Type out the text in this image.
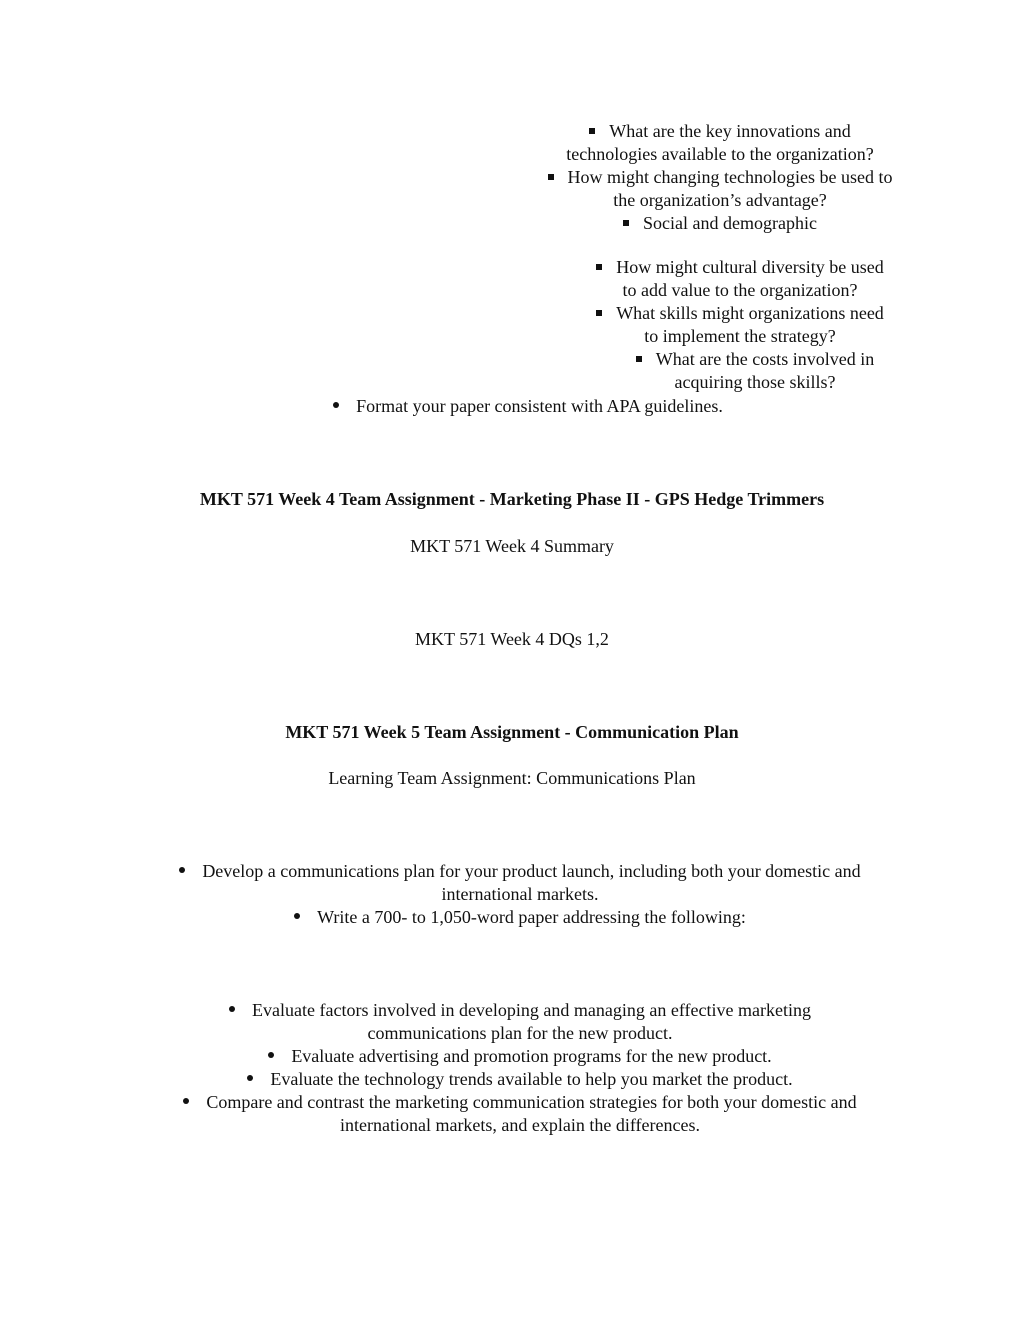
What are the key innovations and
technologies available to the organization?
How might changing technologies be used to
the organization’s advantage?
Social and demographic
How might cultural diversity be used
to add value to the organization?
What skills might organizations need
to implement the strategy?
What are the costs involved in
acquiring those skills?
Format your paper consistent with APA guidelines.
MKT 571 Week 4 Team Assignment - Marketing Phase II - GPS Hedge Trimmers
MKT 571 Week 4 Summary
MKT 571 Week 4 DQs 1,2
MKT 571 Week 5 Team Assignment - Communication Plan
Learning Team Assignment: Communications Plan
Develop a communications plan for your product launch, including both your domestic and
international markets.
Write a 700- to 1,050-word paper addressing the following:
Evaluate factors involved in developing and managing an effective marketing
communications plan for the new product.
Evaluate advertising and promotion programs for the new product.
Evaluate the technology trends available to help you market the product.
Compare and contrast the marketing communication strategies for both your domestic and
international markets, and explain the differences.
